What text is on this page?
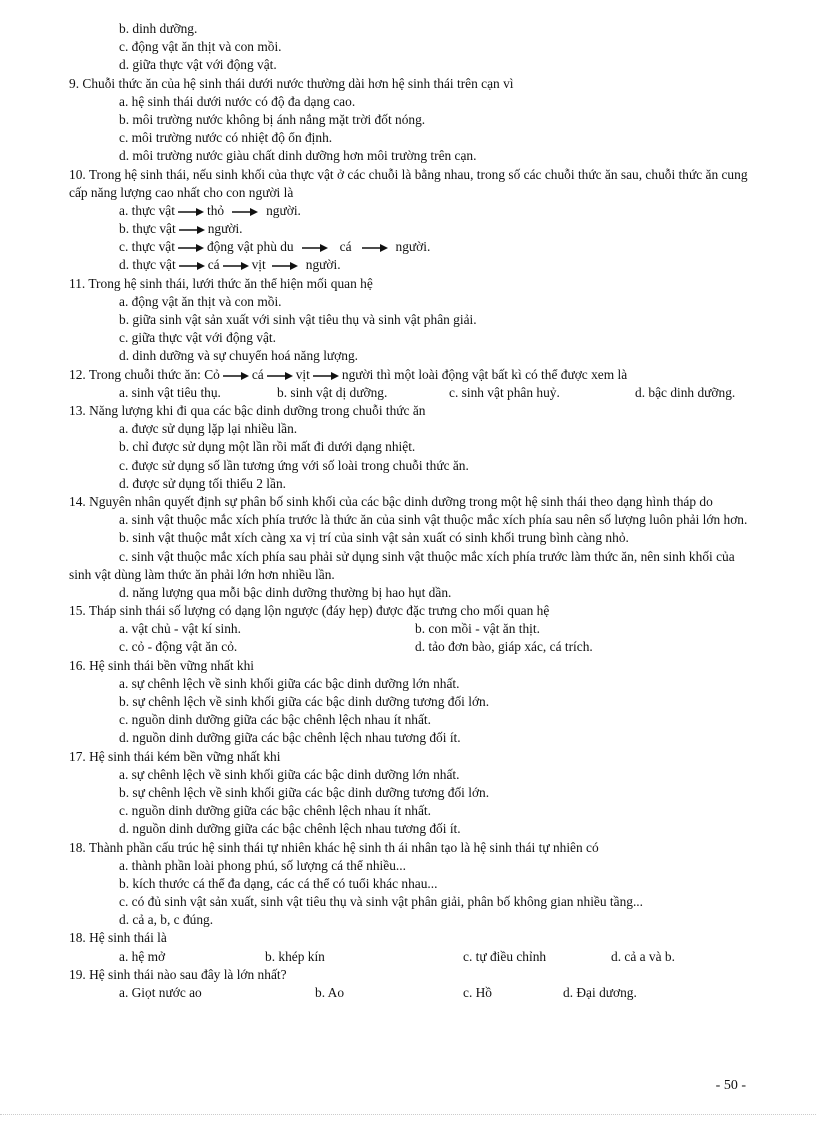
b. dinh dưỡng.
c. động vật ăn thịt và con mồi.
d. giữa thực vật với động vật.
9. Chuỗi thức ăn của hệ sinh thái dưới nước thường dài hơn hệ sinh thái trên cạn vì
a. hệ sinh thái dưới nước có độ đa dạng cao.
b. môi trường nước không bị ánh nắng mặt trời đốt nóng.
c. môi trường nước có nhiệt độ ổn định.
d. môi trường nước giàu chất dinh dưỡng hơn môi trường trên cạn.
10. Trong hệ sinh thái, nếu sinh khối của thực vật ở các chuỗi là bằng nhau, trong số các chuỗi thức ăn sau, chuỗi thức ăn cung cấp năng lượng cao nhất cho con người là
a. thực vật thỏ	người.
b. thực vật người.
c. thực vật động vật phù du	cá	người.
d. thực vật cá vịt	người.
11. Trong hệ sinh thái, lưới thức ăn thể hiện mối quan hệ
a. động vật ăn thịt và con mồi.
b. giữa sinh vật sản xuất với sinh vật tiêu thụ và sinh vật phân giải.
c. giữa thực vật với động vật.
d. dinh dưỡng và sự chuyển hoá năng lượng.
12. Trong chuỗi thức ăn: Cỏ cá vịt người thì một loài động vật bất kì có thể được xem là
a. sinh vật tiêu thụ.	b. sinh vật dị dưỡng.	c. sinh vật phân huỷ.	d. bậc dinh dưỡng.
13. Năng lượng khi đi qua các bậc dinh dưỡng trong chuỗi thức ăn
a. được sử dụng lặp lại nhiều lần.
b. chỉ được sử dụng một lần rồi mất đi dưới dạng nhiệt.
c. được sử dụng số lần tương ứng với số loài trong chuỗi thức ăn.
d. được sử dụng tối thiểu 2 lần.
14. Nguyên nhân quyết định sự phân bố sinh khối của các bậc dinh dưỡng trong một hệ sinh thái theo dạng hình tháp do
a. sinh vật thuộc mắc xích phía trước là thức ăn của sinh vật thuộc mắc xích phía sau nên số lượng luôn phải lớn hơn.
b. sinh vật thuộc mắt xích càng xa vị trí của sinh vật sản xuất có sinh khối trung bình càng nhỏ.
c. sinh vật thuộc mắc xích phía sau phải sử dụng sinh vật thuộc mắc xích phía trước làm thức ăn, nên sinh khối của sinh vật dùng làm thức ăn phải lớn hơn nhiều lần.
d. năng lượng qua mỗi bậc dinh dưỡng thường bị hao hụt dần.
15. Tháp sinh thái số lượng có dạng lộn ngược (đáy hẹp) được đặc trưng cho mối quan hệ
a. vật chủ - vật kí sinh.	b. con mồi - vật ăn thịt.
c. cỏ - động vật ăn cỏ.	d. tảo đơn bào, giáp xác, cá trích.
16. Hệ sinh thái bền vững nhất khi
a. sự chênh lệch về sinh khối giữa các bậc dinh dưỡng lớn nhất.
b. sự chênh lệch về sinh khối giữa các bậc dinh dưỡng tương đối lớn.
c. nguồn dinh dưỡng giữa các bậc chênh lệch nhau ít nhất.
d. nguồn dinh dưỡng giữa các bậc chênh lệch nhau tương đối ít.
17. Hệ sinh thái kém bền vững nhất khi
a. sự chênh lệch về sinh khối giữa các bậc dinh dưỡng lớn nhất.
b. sự chênh lệch về sinh khối giữa các bậc dinh dưỡng tương đối lớn.
c. nguồn dinh dưỡng giữa các bậc chênh lệch nhau ít nhất.
d. nguồn dinh dưỡng giữa các bậc chênh lệch nhau tương đối ít.
18. Thành phần cấu trúc hệ sinh thái tự nhiên khác hệ sinh th ái nhân tạo là hệ sinh thái tự nhiên có
a. thành phần loài phong phú, số lượng cá thể nhiều...
b. kích thước cá thể đa dạng, các cá thể có tuổi khác nhau...
c. có đủ sinh vật sản xuất, sinh vật tiêu thụ và sinh vật phân giải, phân bố không gian nhiều tầng...
d. cả a, b, c đúng.
18. Hệ sinh thái là
a. hệ mở	b. khép kín	c. tự điều chỉnh	d. cả a và b.
19. Hệ sinh thái nào sau đây là lớn nhất?
a. Giọt nước ao	b. Ao	c. Hồ	d. Đại dương.
- 50 -
